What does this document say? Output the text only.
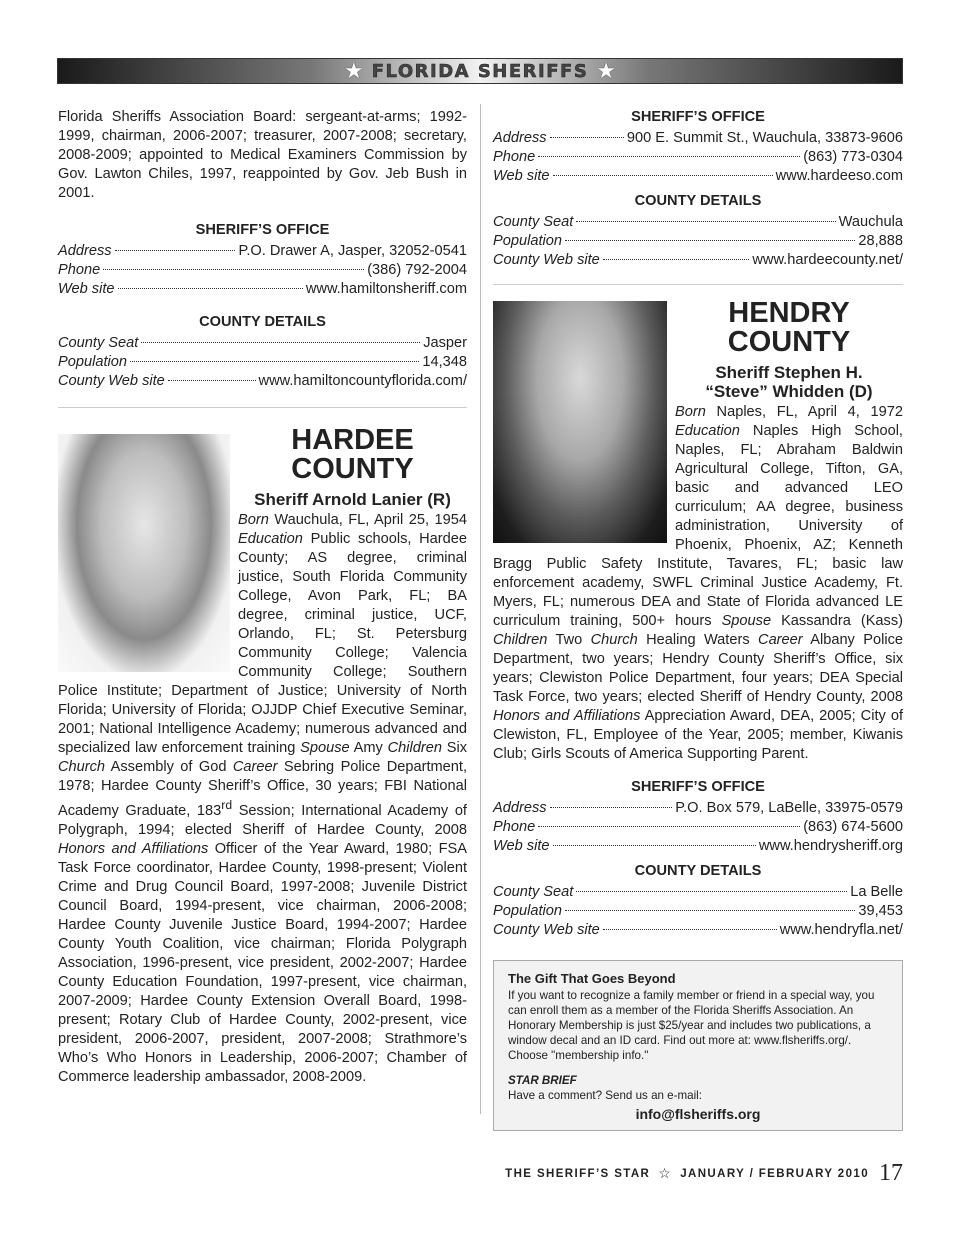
★ FLORIDA SHERIFFS ★

Florida Sheriffs Association Board: sergeant-at-arms; 1992-1999, chairman, 2006-2007; treasurer, 2007-2008; secretary, 2008-2009; appointed to Medical Examiners Commission by Gov. Lawton Chiles, 1997, reappointed by Gov. Jeb Bush in 2001.

SHERIFF’S OFFICE
Address	P.O. Drawer A, Jasper, 32052-0541
Phone	(386) 792-2004
Web site	www.hamiltonsheriff.com
COUNTY DETAILS
County Seat	Jasper
Population	14,348
County Web site	www.hamiltoncountyflorida.com/
HARDEE
COUNTY
Sheriff Arnold Lanier (R)

Born Wauchula, FL, April 25, 1954 Education Public schools, Hardee County; AS degree, criminal justice, South Florida Community College, Avon Park, FL; BA degree, criminal justice, UCF, Orlando, FL; St. Petersburg Community College; Valencia Community College; Southern Police Institute; Department of Justice; University of North Florida; University of Florida; OJJDP Chief Executive Seminar, 2001; National Intelligence Academy; numerous advanced and specialized law enforcement training Spouse Amy Children Six Church Assembly of God Career Sebring Police Department, 1978; Hardee County Sheriff’s Office, 30 years; FBI National Academy Graduate, 183rd Session; International Academy of Polygraph, 1994; elected Sheriff of Hardee County, 2008 Honors and Affiliations Officer of the Year Award, 1980; FSA Task Force coordinator, Hardee County, 1998-present; Violent Crime and Drug Council Board, 1997-2008; Juvenile District Council Board, 1994-present, vice chairman, 2006-2008; Hardee County Juvenile Justice Board, 1994-2007; Hardee County Youth Coalition, vice chairman; Florida Polygraph Association, 1996-present, vice president, 2002-2007; Hardee County Education Foundation, 1997-present, vice chairman, 2007-2009; Hardee County Extension Overall Board, 1998-present; Rotary Club of Hardee County, 2002-present, vice president, 2006-2007, president, 2007-2008; Strathmore’s Who’s Who Honors in Leadership, 2006-2007; Chamber of Commerce leadership ambassador, 2008-2009.

SHERIFF’S OFFICE
Address	900 E. Summit St., Wauchula, 33873-9606
Phone	(863) 773-0304
Web site	www.hardeeso.com
COUNTY DETAILS
County Seat	Wauchula
Population	28,888
County Web site	www.hardeecounty.net/
HENDRY
COUNTY
Sheriff Stephen H.
“Steve” Whidden (D)

Born Naples, FL, April 4, 1972 Education Naples High School, Naples, FL; Abraham Baldwin Agricultural College, Tifton, GA, basic and advanced LEO curriculum; AA degree, business administration, University of Phoenix, Phoenix, AZ; Kenneth Bragg Public Safety Institute, Tavares, FL; basic law enforcement academy, SWFL Criminal Justice Academy, Ft. Myers, FL; numerous DEA and State of Florida advanced LE curriculum training, 500+ hours Spouse Kassandra (Kass) Children Two Church Healing Waters Career Albany Police Department, two years; Hendry County Sheriff’s Office, six years; Clewiston Police Department, four years; DEA Special Task Force, two years; elected Sheriff of Hendry County, 2008 Honors and Affiliations Appreciation Award, DEA, 2005; City of Clewiston, FL, Employee of the Year, 2005; member, Kiwanis Club; Girls Scouts of America Supporting Parent.

SHERIFF’S OFFICE
Address	P.O. Box 579, LaBelle, 33975-0579
Phone	(863) 674-5600
Web site	www.hendrysheriff.org
COUNTY DETAILS
County Seat	La Belle
Population	39,453
County Web site	www.hendryfla.net/
The Gift That Goes Beyond

If you want to recognize a family member or friend in a special way, you can enroll them as a member of the Florida Sheriffs Association. An Honorary Membership is just $25/year and includes two publications, a window decal and an ID card. Find out more at: www.flsheriffs.org/. Choose "membership info."

STAR BRIEF
Have a comment? Send us an e-mail:
info@flsheriffs.org
THE SHERIFF’S STAR ☆ JANUARY / FEBRUARY 2010 17
